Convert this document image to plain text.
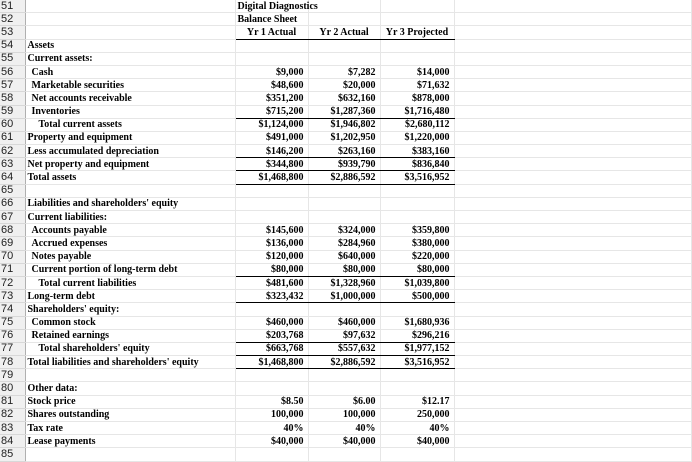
51		Digital Diagnostics			
52		Balance Sheet			
53		Yr 1 Actual	Yr 2 Actual	Yr 3 Projected	
54	Assets				
55	Current assets:				
56	Cash	$9,000	$7,282	$14,000	
57	Marketable securities	$48,600	$20,000	$71,632	
58	Net accounts receivable	$351,200	$632,160	$878,000	
59	Inventories	$715,200	$1,287,360	$1,716,480	
60	Total current assets	$1,124,000	$1,946,802	$2,680,112	
61	Property and equipment	$491,000	$1,202,950	$1,220,000	
62	Less accumulated depreciation	$146,200	$263,160	$383,160	
63	Net property and equipment	$344,800	$939,790	$836,840	
64	Total assets	$1,468,800	$2,886,592	$3,516,952	
65					
66	Liabilities and shareholders' equity				
67	Current liabilities:				
68	Accounts payable	$145,600	$324,000	$359,800	
69	Accrued expenses	$136,000	$284,960	$380,000	
70	Notes payable	$120,000	$640,000	$220,000	
71	Current portion of long-term debt	$80,000	$80,000	$80,000	
72	Total current liabilities	$481,600	$1,328,960	$1,039,800	
73	Long-term debt	$323,432	$1,000,000	$500,000	
74	Shareholders' equity:				
75	Common stock	$460,000	$460,000	$1,680,936	
76	Retained earnings	$203,768	$97,632	$296,216	
77	Total shareholders' equity	$663,768	$557,632	$1,977,152	
78	Total liabilities and shareholders' equity	$1,468,800	$2,886,592	$3,516,952	
79					
80	Other data:				
81	Stock price	$8.50	$6.00	$12.17	
82	Shares outstanding	100,000	100,000	250,000	
83	Tax rate	40%	40%	40%	
84	Lease payments	$40,000	$40,000	$40,000	
85					
